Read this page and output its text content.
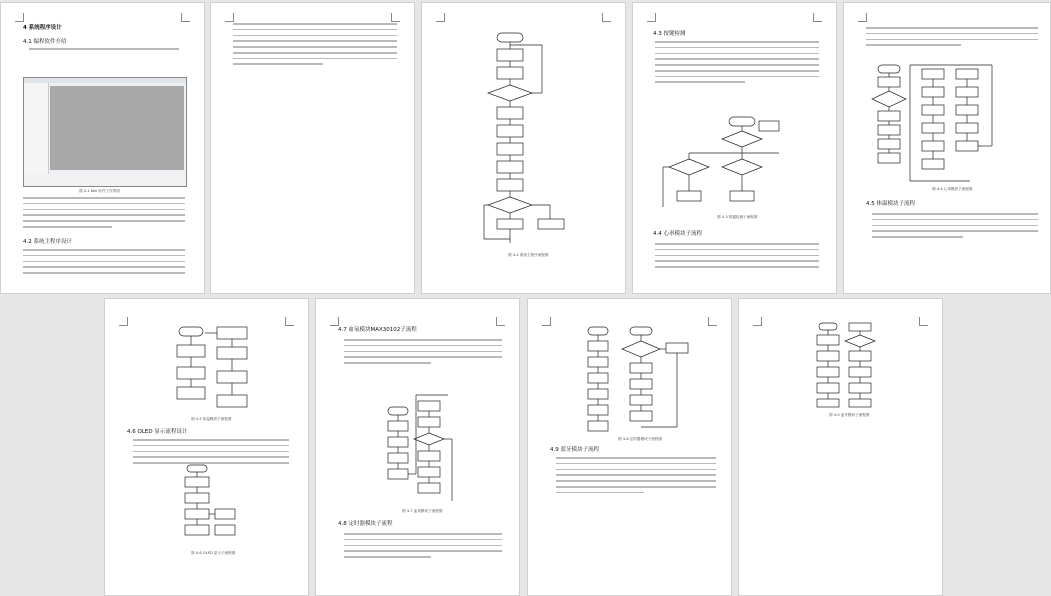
4 系统程序设计
4.1 编程软件介绍
图 4-1 Keil 软件工作界面
4.2 系统主程序设计
图 4-2 系统主程序流程图
4.3 按键检测
图 4-3 按键检测子流程图
4.4 心率模块子流程
图 4-4 心率模块子流程图
4.5 体温模块子流程
图 4-5 体温模块子流程图
4.6 OLED 显示流程设计
图 4-6 OLED 显示子流程图
4.7 血氧模块MAX30102子流程
图 4-7 血氧模块子流程图
4.8 定时器模块子流程
图 4-8 定时器模块子流程图
4.9 蓝牙模块子流程
图 4-9 蓝牙模块子流程图
